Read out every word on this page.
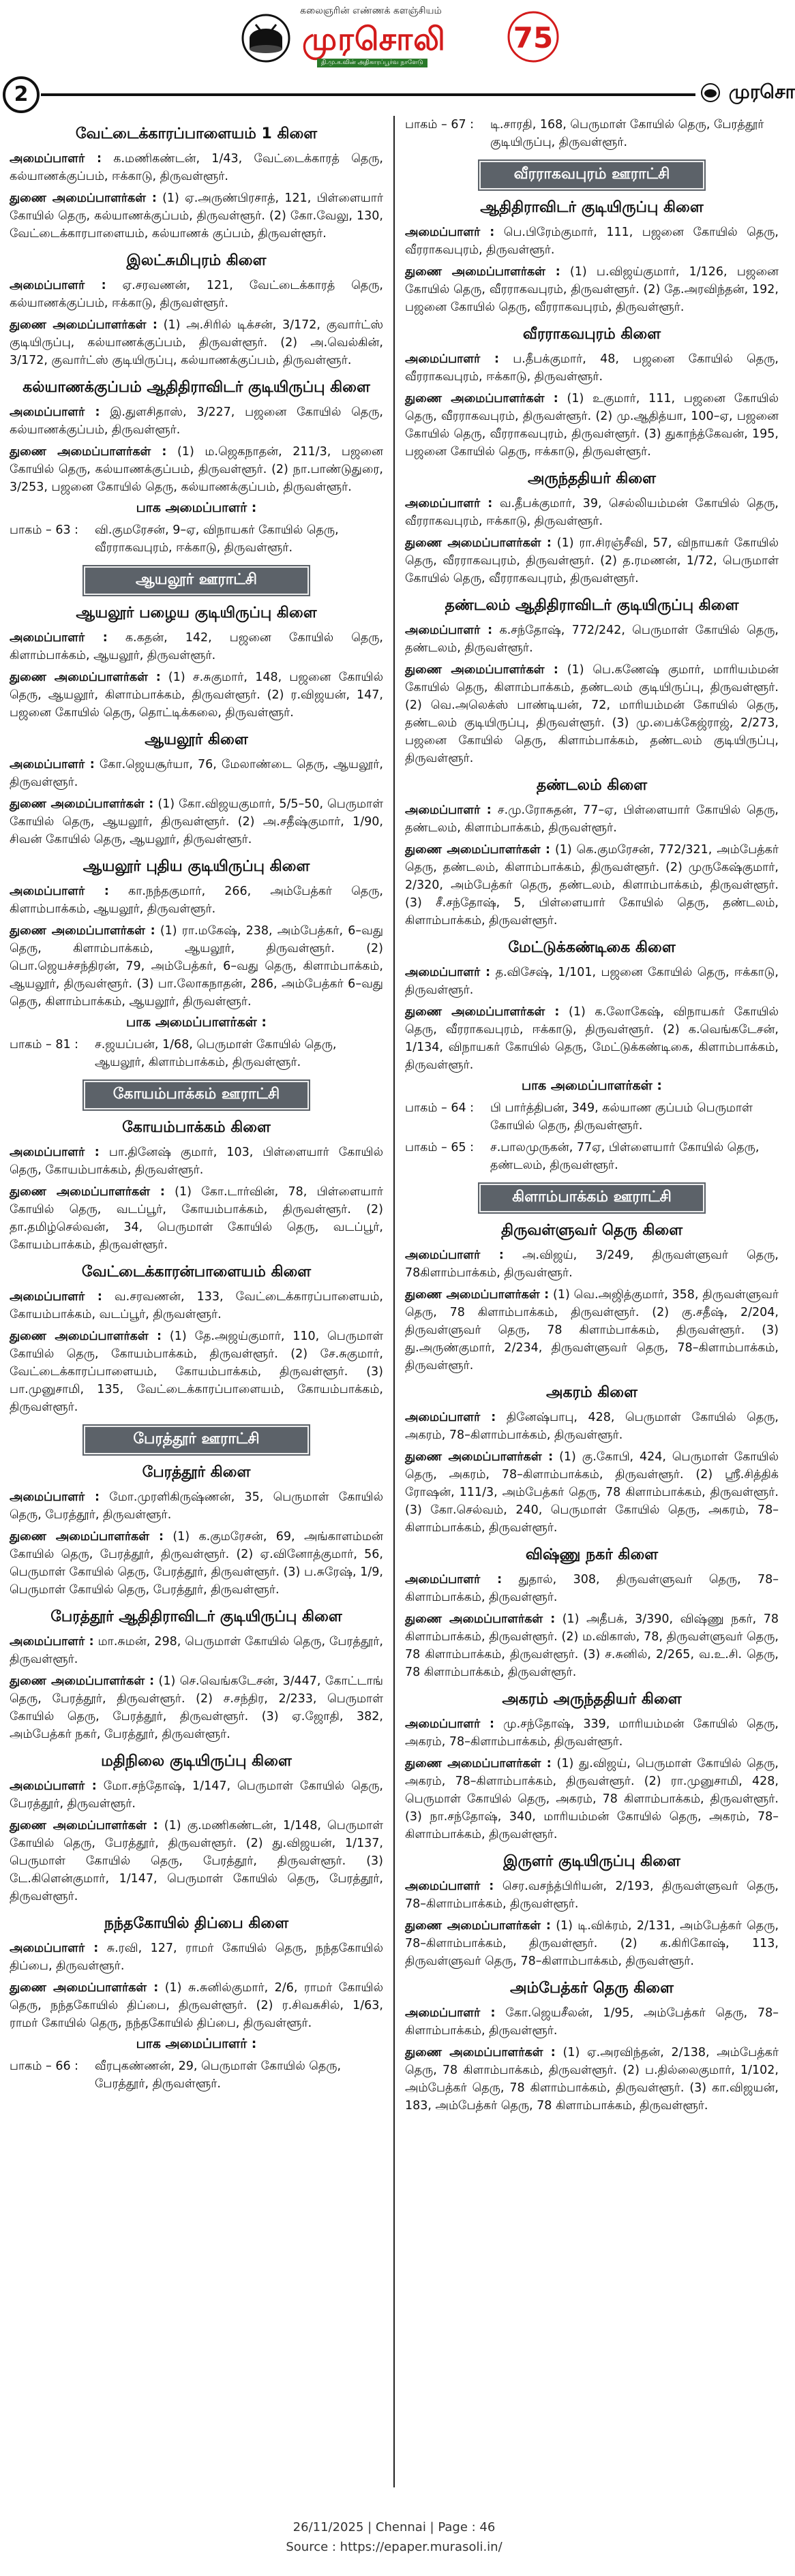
கலைஞரின் எண்ணக் களஞ்சியம்
முரசொலி
தி.மு.க.வின் அதிகாரப்பூர்வ நாளேடு
75
2	முரசொ
வேட்டைக்காரப்பாளையம் 1 கிளை
அமைப்பாளர் : க.மணிகண்டன், 1/43, வேட்டைக்காரத் தெரு, கல்யாணக்குப்பம், ஈக்காடு, திருவள்ளூர்.
துணை அமைப்பாளர்கள் : (1) ஏ.அருண்பிரசாத், 121, பிள்ளையார் கோயில் தெரு, கல்யாணக்குப்பம், திருவள்ளூர். (2) கோ.வேலு, 130, வேட்டைக்காரபாளையம், கல்யாணக் குப்பம், திருவள்ளூர்.
இலட்சுமிபுரம் கிளை
அமைப்பாளர் : ஏ.சரவணன், 121, வேட்டைக்காரத் தெரு, கல்யாணக்குப்பம், ஈக்காடு, திருவள்ளூர்.
துணை அமைப்பாளர்கள் : (1) அ.சிரில் டிக்சன், 3/172, குவார்ட்ஸ் குடியிருப்பு, கல்யாணக்குப்பம், திருவள்ளூர். (2) அ.வெல்கின், 3/172, குவார்ட்ஸ் குடியிருப்பு, கல்யாணக்குப்பம், திருவள்ளூர்.
கல்யாணக்குப்பம் ஆதிதிராவிடர் குடியிருப்பு கிளை
அமைப்பாளர் : இ.துளசிதாஸ், 3/227, பஜனை கோயில் தெரு, கல்யாணக்குப்பம், திருவள்ளூர்.
துணை அமைப்பாளர்கள் : (1) ம.ஜெகநாதன், 211/3, பஜனை கோயில் தெரு, கல்யாணக்குப்பம், திருவள்ளூர். (2) நா.பாண்டுதுரை, 3/253, பஜனை கோயில் தெரு, கல்யாணக்குப்பம், திருவள்ளூர்.
பாக அமைப்பாளர் :
பாகம் – 63 :	வி.குமரேசன், 9–ஏ, விநாயகர் கோயில் தெரு, வீரராகவபுரம், ஈக்காடு, திருவள்ளூர்.
ஆயலூர் ஊராட்சி
ஆயலூர் பழைய குடியிருப்பு கிளை
அமைப்பாளர் : க.கதன், 142, பஜனை கோயில் தெரு, கிளாம்பாக்கம், ஆயலூர், திருவள்ளூர்.
துணை அமைப்பாளர்கள் : (1) ச.சுகுமார், 148, பஜனை கோயில் தெரு, ஆயலூர், கிளாம்பாக்கம், திருவள்ளூர். (2) ர.விஜயன், 147, பஜனை கோயில் தெரு, தொட்டிக்கலை, திருவள்ளூர்.
ஆயலூர் கிளை
அமைப்பாளர் : கோ.ஜெயசூர்யா, 76, மேலாண்டை தெரு, ஆயலூர், திருவள்ளூர்.
துணை அமைப்பாளர்கள் : (1) கோ.விஜயகுமார், 5/5–50, பெருமாள் கோயில் தெரு, ஆயலூர், திருவள்ளூர். (2) அ.சதீஷ்குமார், 1/90, சிவன் கோயில் தெரு, ஆயலூர், திருவள்ளூர்.
ஆயலூர் புதிய குடியிருப்பு கிளை
அமைப்பாளர் : கா.நந்தகுமார், 266, அம்பேத்கர் தெரு, கிளாம்பாக்கம், ஆயலூர், திருவள்ளூர்.
துணை அமைப்பாளர்கள் : (1) ரா.மகேஷ், 238, அம்பேத்கர், 6–வது தெரு, கிளாம்பாக்கம், ஆயலூர், திருவள்ளூர். (2) பொ.ஜெயச்சந்திரன், 79, அம்பேத்கர், 6–வது தெரு, கிளாம்பாக்கம், ஆயலூர், திருவள்ளூர். (3) பா.லோகநாதன், 286, அம்பேத்கர் 6–வது தெரு, கிளாம்பாக்கம், ஆயலூர், திருவள்ளூர்.
பாக அமைப்பாளர்கள் :
பாகம் – 81 :	ச.ஜயப்பன், 1/68, பெருமாள் கோயில் தெரு, ஆயலூர், கிளாம்பாக்கம், திருவள்ளூர்.
கோயம்பாக்கம் ஊராட்சி
கோயம்பாக்கம் கிளை
அமைப்பாளர் : பா.தினேஷ் குமார், 103, பிள்ளையார் கோயில் தெரு, கோயம்பாக்கம், திருவள்ளூர்.
துணை அமைப்பாளர்கள் : (1) கோ.டார்வின், 78, பிள்ளையார் கோயில் தெரு, வடப்பூர், கோயம்பாக்கம், திருவள்ளூர். (2) தா.தமிழ்செல்வன், 34, பெருமாள் கோயில் தெரு, வடப்பூர், கோயம்பாக்கம், திருவள்ளூர்.
வேட்டைக்காரன்பாளையம் கிளை
அமைப்பாளர் : வ.சரவணன், 133, வேட்டைக்காரப்பாளையம், கோயம்பாக்கம், வடப்பூர், திருவள்ளூர்.
துணை அமைப்பாளர்கள் : (1) தே.அஜய்குமார், 110, பெருமாள் கோயில் தெரு, கோயம்பாக்கம், திருவள்ளூர். (2) சே.சுகுமார், வேட்டைக்காரப்பாளையம், கோயம்பாக்கம், திருவள்ளூர். (3) பா.முனுசாமி, 135, வேட்டைக்காரப்பாளையம், கோயம்பாக்கம், திருவள்ளூர்.
பேரத்தூர் ஊராட்சி
பேரத்தூர் கிளை
அமைப்பாளர் : மோ.முரளிகிருஷ்ணன், 35, பெருமாள் கோயில் தெரு, பேரத்தூர், திருவள்ளூர்.
துணை அமைப்பாளர்கள் : (1) க.குமரேசன், 69, அங்காளம்மன் கோயில் தெரு, பேரத்தூர், திருவள்ளூர். (2) ஏ.வினோத்குமார், 56, பெருமாள் கோயில் தெரு, பேரத்தூர், திருவள்ளூர். (3) ப.சுரேஷ், 1/9, பெருமாள் கோயில் தெரு, பேரத்தூர், திருவள்ளூர்.
பேரத்தூர் ஆதிதிராவிடர் குடியிருப்பு கிளை
அமைப்பாளர் : மா.சுமன், 298, பெருமாள் கோயில் தெரு, பேரத்தூர், திருவள்ளூர்.
துணை அமைப்பாளர்கள் : (1) செ.வெங்கடேசன், 3/447, கோட்டாங் தெரு, பேரத்தூர், திருவள்ளூர். (2) ச.சந்திர, 2/233, பெருமாள் கோயில் தெரு, பேரத்தூர், திருவள்ளூர். (3) ஏ.ஜோதி, 382, அம்பேத்கர் நகர், பேரத்தூர், திருவள்ளூர்.
மதிநிலை குடியிருப்பு கிளை
அமைப்பாளர் : மோ.சந்தோஷ், 1/147, பெருமாள் கோயில் தெரு, பேரத்தூர், திருவள்ளூர்.
துணை அமைப்பாளர்கள் : (1) கு.மணிகண்டன், 1/148, பெருமாள் கோயில் தெரு, பேரத்தூர், திருவள்ளூர். (2) து.விஜயன், 1/137, பெருமாள் கோயில் தெரு, பேரத்தூர், திருவள்ளூர். (3) டே.கிளென்குமார், 1/147, பெருமாள் கோயில் தெரு, பேரத்தூர், திருவள்ளூர்.
நந்தகோயில் திப்பை கிளை
அமைப்பாளர் : சு.ரவி, 127, ராமர் கோயில் தெரு, நந்தகோயில் திப்பை, திருவள்ளூர்.
துணை அமைப்பாளர்கள் : (1) சு.சுனில்குமார், 2/6, ராமர் கோயில் தெரு, நந்தகோயில் திப்பை, திருவள்ளூர். (2) ர.சிவசுசில், 1/63, ராமர் கோயில் தெரு, நந்தகோயில் திப்பை, திருவள்ளூர்.
பாக அமைப்பாளர் :
பாகம் – 66 :	வீரபுகண்ணன், 29, பெருமாள் கோயில் தெரு, பேரத்தூர், திருவள்ளூர்.
பாகம் – 67 :	டி.சாரதி, 168, பெருமாள் கோயில் தெரு, பேரத்தூர் குடியிருப்பு, திருவள்ளூர்.
வீரராகவபுரம் ஊராட்சி
ஆதிதிராவிடர் குடியிருப்பு கிளை
அமைப்பாளர் : பெ.பிரேம்குமார், 111, பஜனை கோயில் தெரு, வீரராகவபுரம், திருவள்ளூர்.
துணை அமைப்பாளர்கள் : (1) ப.விஜய்குமார், 1/126, பஜனை கோயில் தெரு, வீரராகவபுரம், திருவள்ளூர். (2) தே.அரவிந்தன், 192, பஜனை கோயில் தெரு, வீரராகவபுரம், திருவள்ளூர்.
வீரராகவபுரம் கிளை
அமைப்பாளர் : ப.தீபக்குமார், 48, பஜனை கோயில் தெரு, வீரராகவபுரம், ஈக்காடு, திருவள்ளூர்.
துணை அமைப்பாளர்கள் : (1) உகுமார், 111, பஜனை கோயில் தெரு, வீரராகவபுரம், திருவள்ளூர். (2) மு.ஆதித்யா, 100–ஏ, பஜனை கோயில் தெரு, வீரராகவபுரம், திருவள்ளூர். (3) துகாந்த்கேவன், 195, பஜனை கோயில் தெரு, ஈக்காடு, திருவள்ளூர்.
அருந்ததியர் கிளை
அமைப்பாளர் : வ.தீபக்குமார், 39, செல்லியம்மன் கோயில் தெரு, வீரராகவபுரம், ஈக்காடு, திருவள்ளூர்.
துணை அமைப்பாளர்கள் : (1) ரா.சிரஞ்சீவி, 57, விநாயகர் கோயில் தெரு, வீரராகவபுரம், திருவள்ளூர். (2) த.ரமணன், 1/72, பெருமாள் கோயில் தெரு, வீரராகவபுரம், திருவள்ளூர்.
தண்டலம் ஆதிதிராவிடர் குடியிருப்பு கிளை
அமைப்பாளர் : க.சந்தோஷ், 772/242, பெருமாள் கோயில் தெரு, தண்டலம், திருவள்ளூர்.
துணை அமைப்பாளர்கள் : (1) பெ.கணேஷ் குமார், மாரியம்மன் கோயில் தெரு, கிளாம்பாக்கம், தண்டலம் குடியிருப்பு, திருவள்ளூர். (2) வெ.அலெக்ஸ் பாண்டியன், 72, மாரியம்மன் கோயில் தெரு, தண்டலம் குடியிருப்பு, திருவள்ளூர். (3) மு.பைக்கேஜ்ராஜ், 2/273, பஜனை கோயில் தெரு, கிளாம்பாக்கம், தண்டலம் குடியிருப்பு, திருவள்ளூர்.
தண்டலம் கிளை
அமைப்பாளர் : ச.மு.ரோசுதன், 77–ஏ, பிள்ளையார் கோயில் தெரு, தண்டலம், கிளாம்பாக்கம், திருவள்ளூர்.
துணை அமைப்பாளர்கள் : (1) கெ.குமரேசன், 772/321, அம்பேத்கர் தெரு, தண்டலம், கிளாம்பாக்கம், திருவள்ளூர். (2) முருகேஷ்குமார், 2/320, அம்பேத்கர் தெரு, தண்டலம், கிளாம்பாக்கம், திருவள்ளூர். (3) சீ.சந்தோஷ், 5, பிள்ளையார் கோயில் தெரு, தண்டலம், கிளாம்பாக்கம், திருவள்ளூர்.
மேட்டுக்கண்டிகை கிளை
அமைப்பாளர் : த.விசேஷ், 1/101, பஜனை கோயில் தெரு, ஈக்காடு, திருவள்ளூர்.
துணை அமைப்பாளர்கள் : (1) க.லோகேஷ், விநாயகர் கோயில் தெரு, வீரராகவபுரம், ஈக்காடு, திருவள்ளூர். (2) க.வெங்கடேசன், 1/134, விநாயகர் கோயில் தெரு, மேட்டுக்கண்டிகை, கிளாம்பாக்கம், திருவள்ளூர்.
பாக அமைப்பாளர்கள் :
பாகம் – 64 :	பி பார்த்திபன், 349, கல்யாண குப்பம் பெருமாள் கோயில் தெரு, திருவள்ளூர்.
பாகம் – 65 :	ச.பாலமுருகன், 77ஏ, பிள்ளையார் கோயில் தெரு, தண்டலம், திருவள்ளூர்.
கிளாம்பாக்கம் ஊராட்சி
திருவள்ளுவர் தெரு கிளை
அமைப்பாளர் : அ.விஜய், 3/249, திருவள்ளுவர் தெரு, 78கிளாம்பாக்கம், திருவள்ளூர்.
துணை அமைப்பாளர்கள் : (1) வெ.அஜித்குமார், 358, திருவள்ளுவர் தெரு, 78 கிளாம்பாக்கம், திருவள்ளூர். (2) கு.சதீஷ், 2/204, திருவள்ளுவர் தெரு, 78 கிளாம்பாக்கம், திருவள்ளூர். (3) து.அருண்குமார், 2/234, திருவள்ளுவர் தெரு, 78–கிளாம்பாக்கம், திருவள்ளூர்.
அகரம் கிளை
அமைப்பாளர் : தினேஷ்பாபு, 428, பெருமாள் கோயில் தெரு, அகரம், 78–கிளாம்பாக்கம், திருவள்ளூர்.
துணை அமைப்பாளர்கள் : (1) கு.கோபி, 424, பெருமாள் கோயில் தெரு, அகரம், 78–கிளாம்பாக்கம், திருவள்ளூர். (2) ஸ்ரீ.சித்திக் ரோஷன், 111/3, அம்பேத்கர் தெரு, 78 கிளாம்பாக்கம், திருவள்ளூர். (3) கோ.செல்வம், 240, பெருமாள் கோயில் தெரு, அகரம், 78–கிளாம்பாக்கம், திருவள்ளூர்.
விஷ்ணு நகர் கிளை
அமைப்பாளர் : துதால், 308, திருவள்ளுவர் தெரு, 78–கிளாம்பாக்கம், திருவள்ளூர்.
துணை அமைப்பாளர்கள் : (1) அதீபக், 3/390, விஷ்ணு நகர், 78 கிளாம்பாக்கம், திருவள்ளூர். (2) ம.விகாஸ், 78, திருவள்ளுவர் தெரு, 78 கிளாம்பாக்கம், திருவள்ளூர். (3) ச.சுனில், 2/265, வ.உ.சி. தெரு, 78 கிளாம்பாக்கம், திருவள்ளூர்.
அகரம் அருந்ததியர் கிளை
அமைப்பாளர் : மு.சந்தோஷ், 339, மாரியம்மன் கோயில் தெரு, அகரம், 78–கிளாம்பாக்கம், திருவள்ளூர்.
துணை அமைப்பாளர்கள் : (1) து.விஜய், பெருமாள் கோயில் தெரு, அகரம், 78–கிளாம்பாக்கம், திருவள்ளூர். (2) ரா.முனுசாமி, 428, பெருமாள் கோயில் தெரு, அகரம், 78 கிளாம்பாக்கம், திருவள்ளூர். (3) நா.சந்தோஷ், 340, மாரியம்மன் கோயில் தெரு, அகரம், 78–கிளாம்பாக்கம், திருவள்ளூர்.
இருளர் குடியிருப்பு கிளை
அமைப்பாளர் : செர.வசந்த்பிரியன், 2/193, திருவள்ளுவர் தெரு, 78–கிளாம்பாக்கம், திருவள்ளூர்.
துணை அமைப்பாளர்கள் : (1) டி.விக்ரம், 2/131, அம்பேத்கர் தெரு, 78–கிளாம்பாக்கம், திருவள்ளூர். (2) க.கிரிகோஷ், 113, திருவள்ளுவர் தெரு, 78–கிளாம்பாக்கம், திருவள்ளூர்.
அம்பேத்கர் தெரு கிளை
அமைப்பாளர் : கோ.ஜெயசீலன், 1/95, அம்பேத்கர் தெரு, 78–கிளாம்பாக்கம், திருவள்ளூர்.
துணை அமைப்பாளர்கள் : (1) ஏ.அரவிந்தன், 2/138, அம்பேத்கர் தெரு, 78 கிளாம்பாக்கம், திருவள்ளூர். (2) ப.தில்லைகுமார், 1/102, அம்பேத்கர் தெரு, 78 கிளாம்பாக்கம், திருவள்ளூர். (3) கா.விஜயன், 183, அம்பேத்கர் தெரு, 78 கிளாம்பாக்கம், திருவள்ளூர்.
26/11/2025 | Chennai | Page : 46
Source : https://epaper.murasoli.in/
